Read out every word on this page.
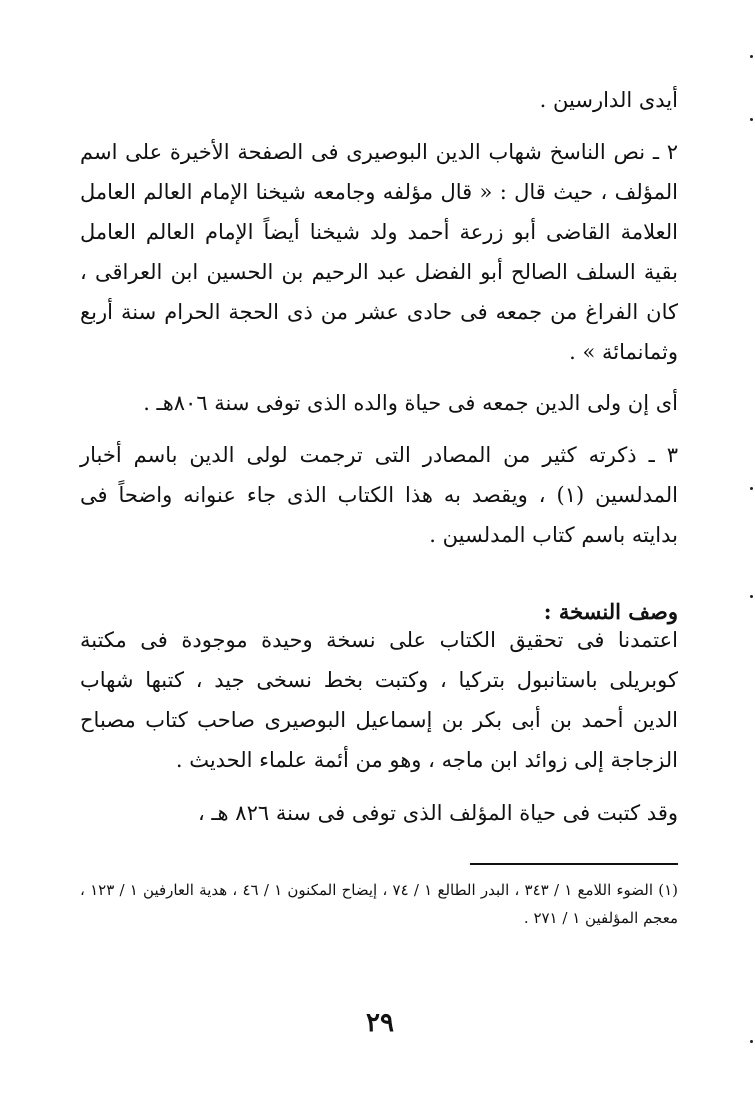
أيدى الدارسين .

٢ ـ نص الناسخ شهاب الدين البوصيرى فى الصفحة الأخيرة على اسم المؤلف ، حيث قال : « قال مؤلفه وجامعه شيخنا الإمام العالم العامل العلامة القاضى أبو زرعة أحمد ولد شيخنا أيضاً الإمام العالم العامل بقية السلف الصالح أبو الفضل عبد الرحيم بن الحسين ابن العراقى ، كان الفراغ من جمعه فى حادى عشر من ذى الحجة الحرام سنة أربع وثمانمائة » .

أى إن ولى الدين جمعه فى حياة والده الذى توفى سنة ٨٠٦هـ .

٣ ـ ذكرته كثير من المصادر التى ترجمت لولى الدين باسم أخبار المدلسين (١) ، ويقصد به هذا الكتاب الذى جاء عنوانه واضحاً فى بدايته باسم كتاب المدلسين .

وصف النسخة :

اعتمدنا فى تحقيق الكتاب على نسخة وحيدة موجودة فى مكتبة كوبريلى باستانبول بتركيا ، وكتبت بخط نسخى جيد ، كتبها شهاب الدين أحمد بن أبى بكر بن إسماعيل البوصيرى صاحب كتاب مصباح الزجاجة إلى زوائد ابن ماجه ، وهو من أئمة علماء الحديث .

وقد كتبت فى حياة المؤلف الذى توفى فى سنة ٨٢٦ هـ ،

(١) الضوء اللامع ١ / ٣٤٣ ، البدر الطالع ١ / ٧٤ ، إيضاح المكنون ١ / ٤٦ ، هدية العارفين ١ / ١٢٣ ، معجم المؤلفين ١ / ٢٧١ .

٢٩
